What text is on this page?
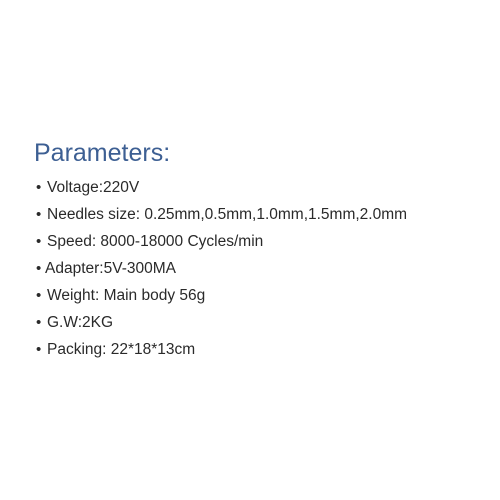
Parameters:
•
Voltage:220V
•
Needles size: 0.25mm,0.5mm,1.0mm,1.5mm,2.0mm
•
Speed: 8000-18000 Cycles/min
•
Adapter:5V-300MA
•
Weight: Main body 56g
•
G.W:2KG
•
Packing: 22*18*13cm
